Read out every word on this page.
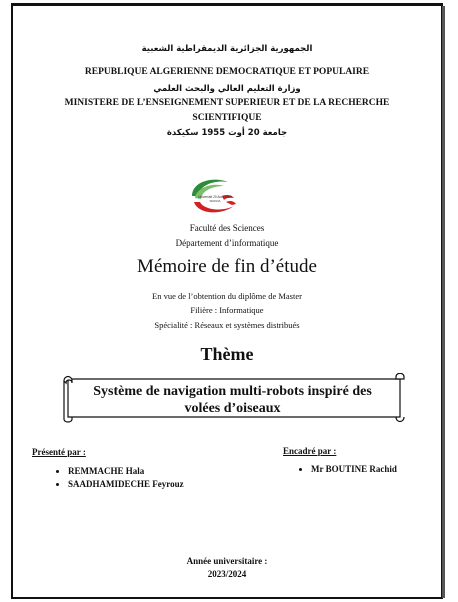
الجمهورية الجزائرية الديمقراطية الشعبية
REPUBLIQUE ALGERIENNE DEMOCRATIQUE ET POPULAIRE
وزارة التعليم العالي والبحث العلمي
MINISTERE DE L’ENSEIGNEMENT SUPERIEUR ET DE LA RECHERCHE
SCIENTIFIQUE
جامعة 20 أوت 1955 سكيكدة
Université 20 Août 1955
SKIKDA
Faculté des Sciences
Département d’informatique
Mémoire de fin d’étude
En vue de l’obtention du diplôme de Master
Filière : Informatique
Spécialité : Réseaux et systèmes distribués
Thème
Système de navigation multi-robots inspiré des
volées d’oiseaux
Présenté par :
• REMMACHE Hala
• SAADHAMIDECHE Feyrouz
Encadré par :
• Mr BOUTINE Rachid
Année universitaire :
2023/2024
